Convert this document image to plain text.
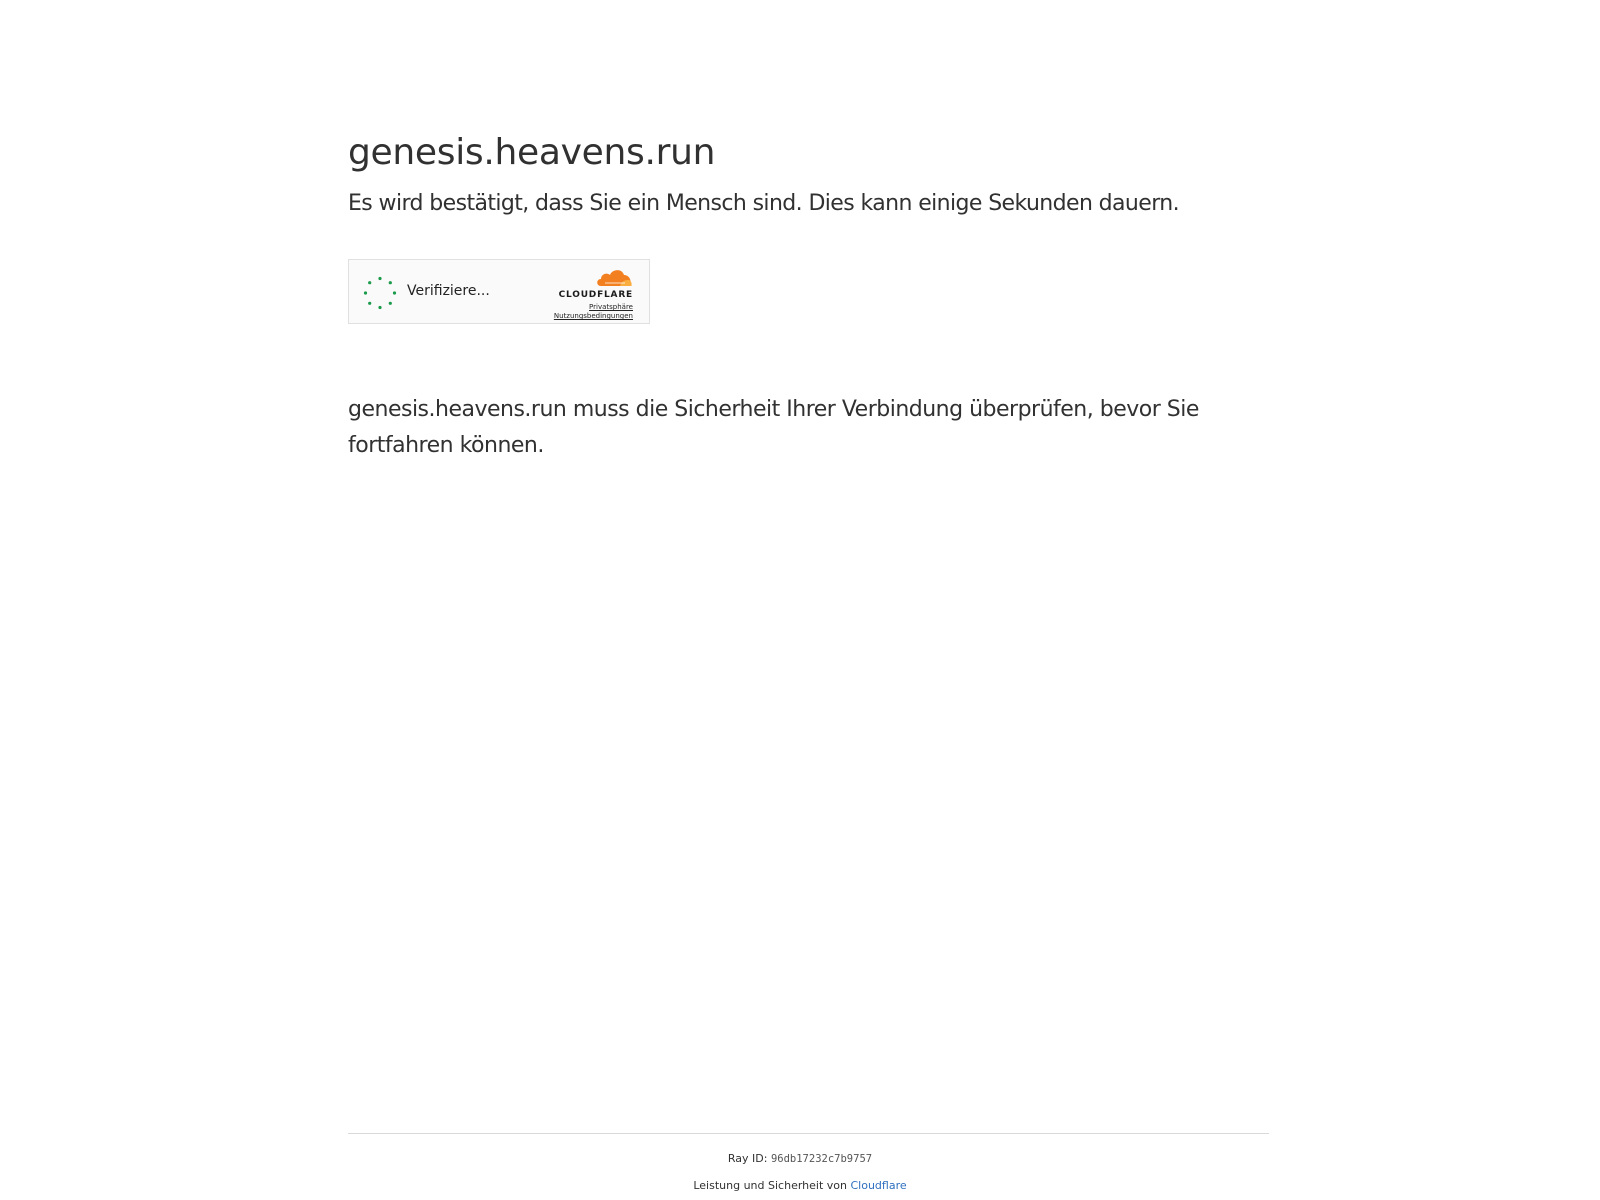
genesis.heavens.run
Es wird bestätigt, dass Sie ein Mensch sind. Dies kann einige Sekunden dauern.
Verifiziere...	CLOUDFLARE
Privatsphäre
Nutzungsbedingungen

genesis.heavens.run muss die Sicherheit Ihrer Verbindung überprüfen, bevor Sie fortfahren können.

Ray ID: 96db17232c7b9757
Leistung und Sicherheit von Cloudflare
